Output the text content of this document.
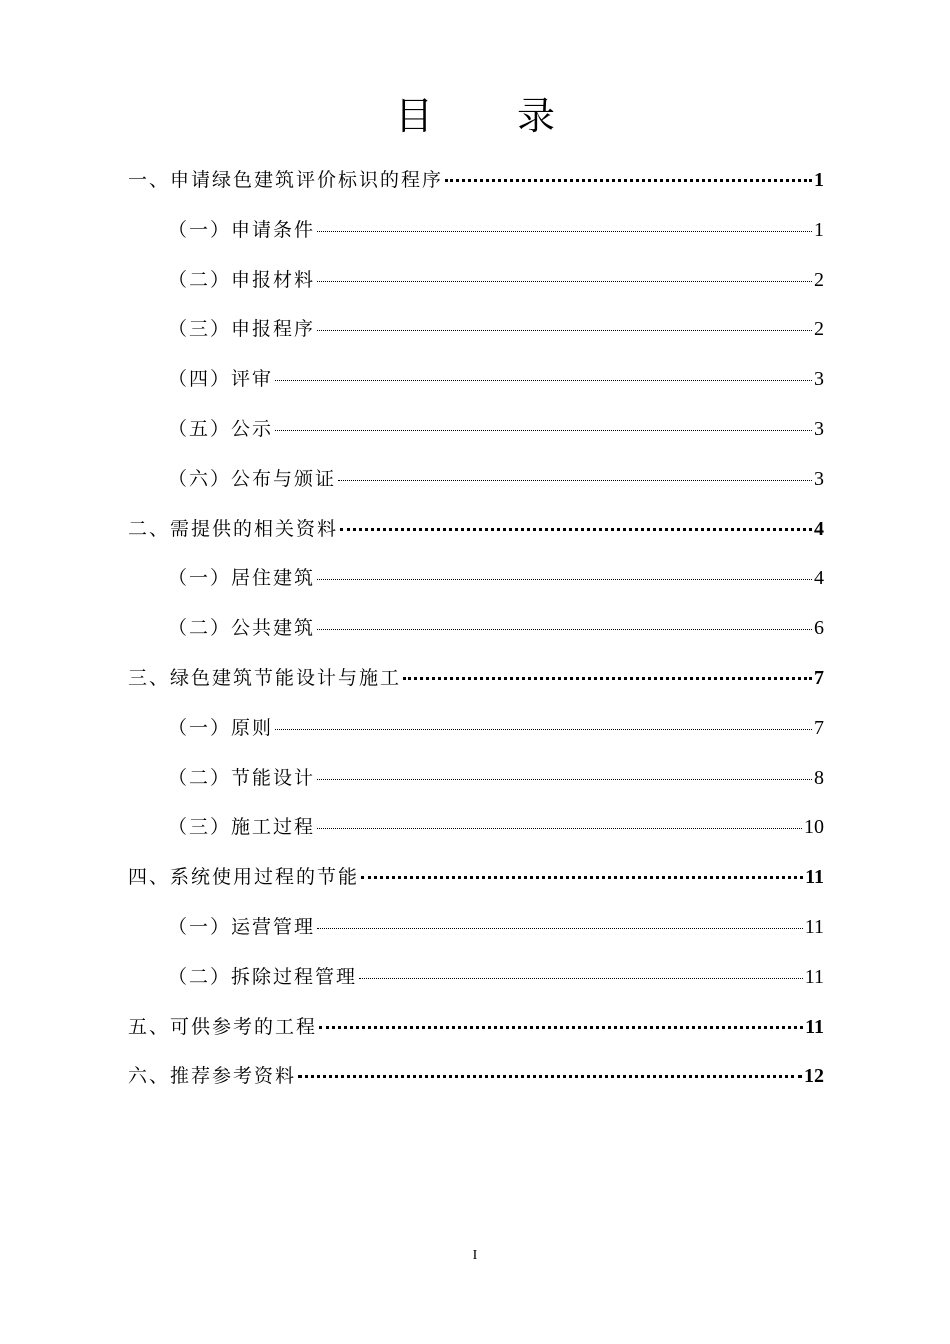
目 录
一、申请绿色建筑评价标识的程序	1
（一）申请条件	1
（二）申报材料	2
（三）申报程序	2
（四）评审	3
（五）公示	3
（六）公布与颁证	3
二、需提供的相关资料	4
（一）居住建筑	4
（二）公共建筑	6
三、绿色建筑节能设计与施工	7
（一）原则	7
（二）节能设计	8
（三）施工过程	10
四、系统使用过程的节能	11
（一）运营管理	11
（二）拆除过程管理	11
五、可供参考的工程	11
六、推荐参考资料	12
I
